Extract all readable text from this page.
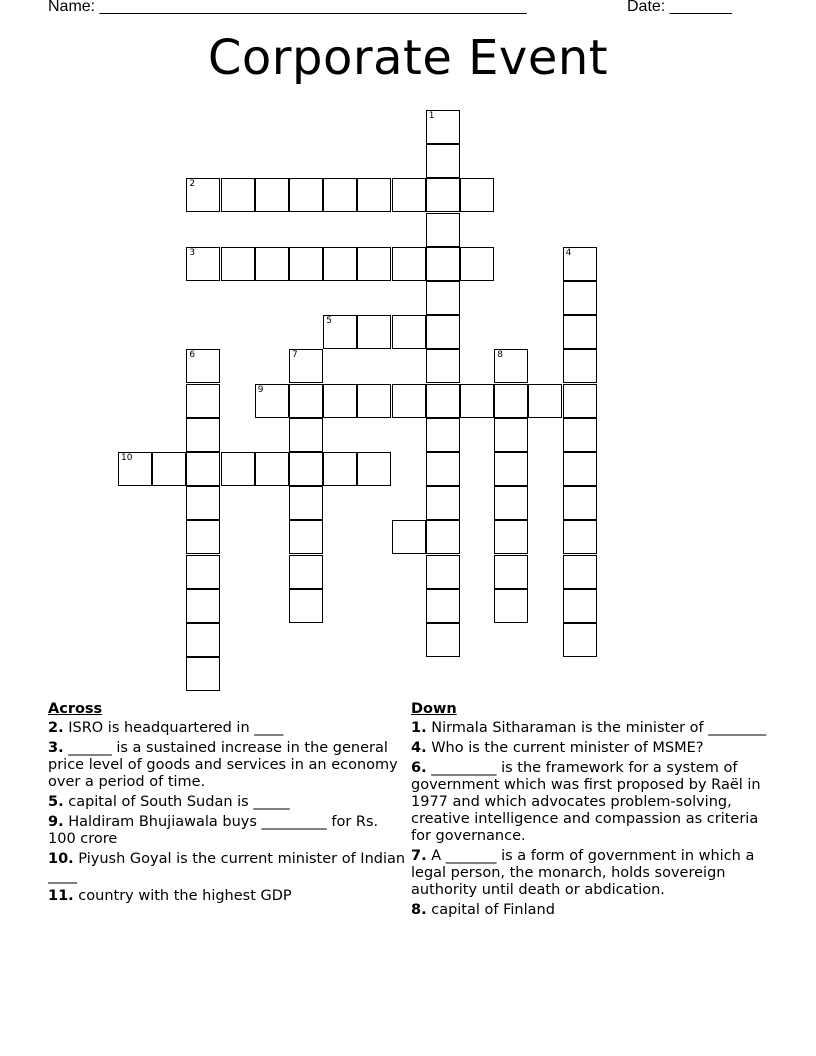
Name: ________________________________________________	Date: _______
Corporate Event
1
2
3	4
5
6	7	8
9
10
Across
2. ISRO is headquartered in ____
3. ______ is a sustained increase in the general price level of goods and services in an economy over a period of time.
5. capital of South Sudan is _____
9. Haldiram Bhujiawala buys _________ for Rs. 100 crore
10. Piyush Goyal is the current minister of Indian ____
11. country with the highest GDP
Down
1. Nirmala Sitharaman is the minister of ________
4. Who is the current minister of MSME?
6. _________ is the framework for a system of government which was first proposed by Raël in 1977 and which advocates problem-solving, creative intelligence and compassion as criteria for governance.
7. A _______ is a form of government in which a legal person, the monarch, holds sovereign authority until death or abdication.
8. capital of Finland
